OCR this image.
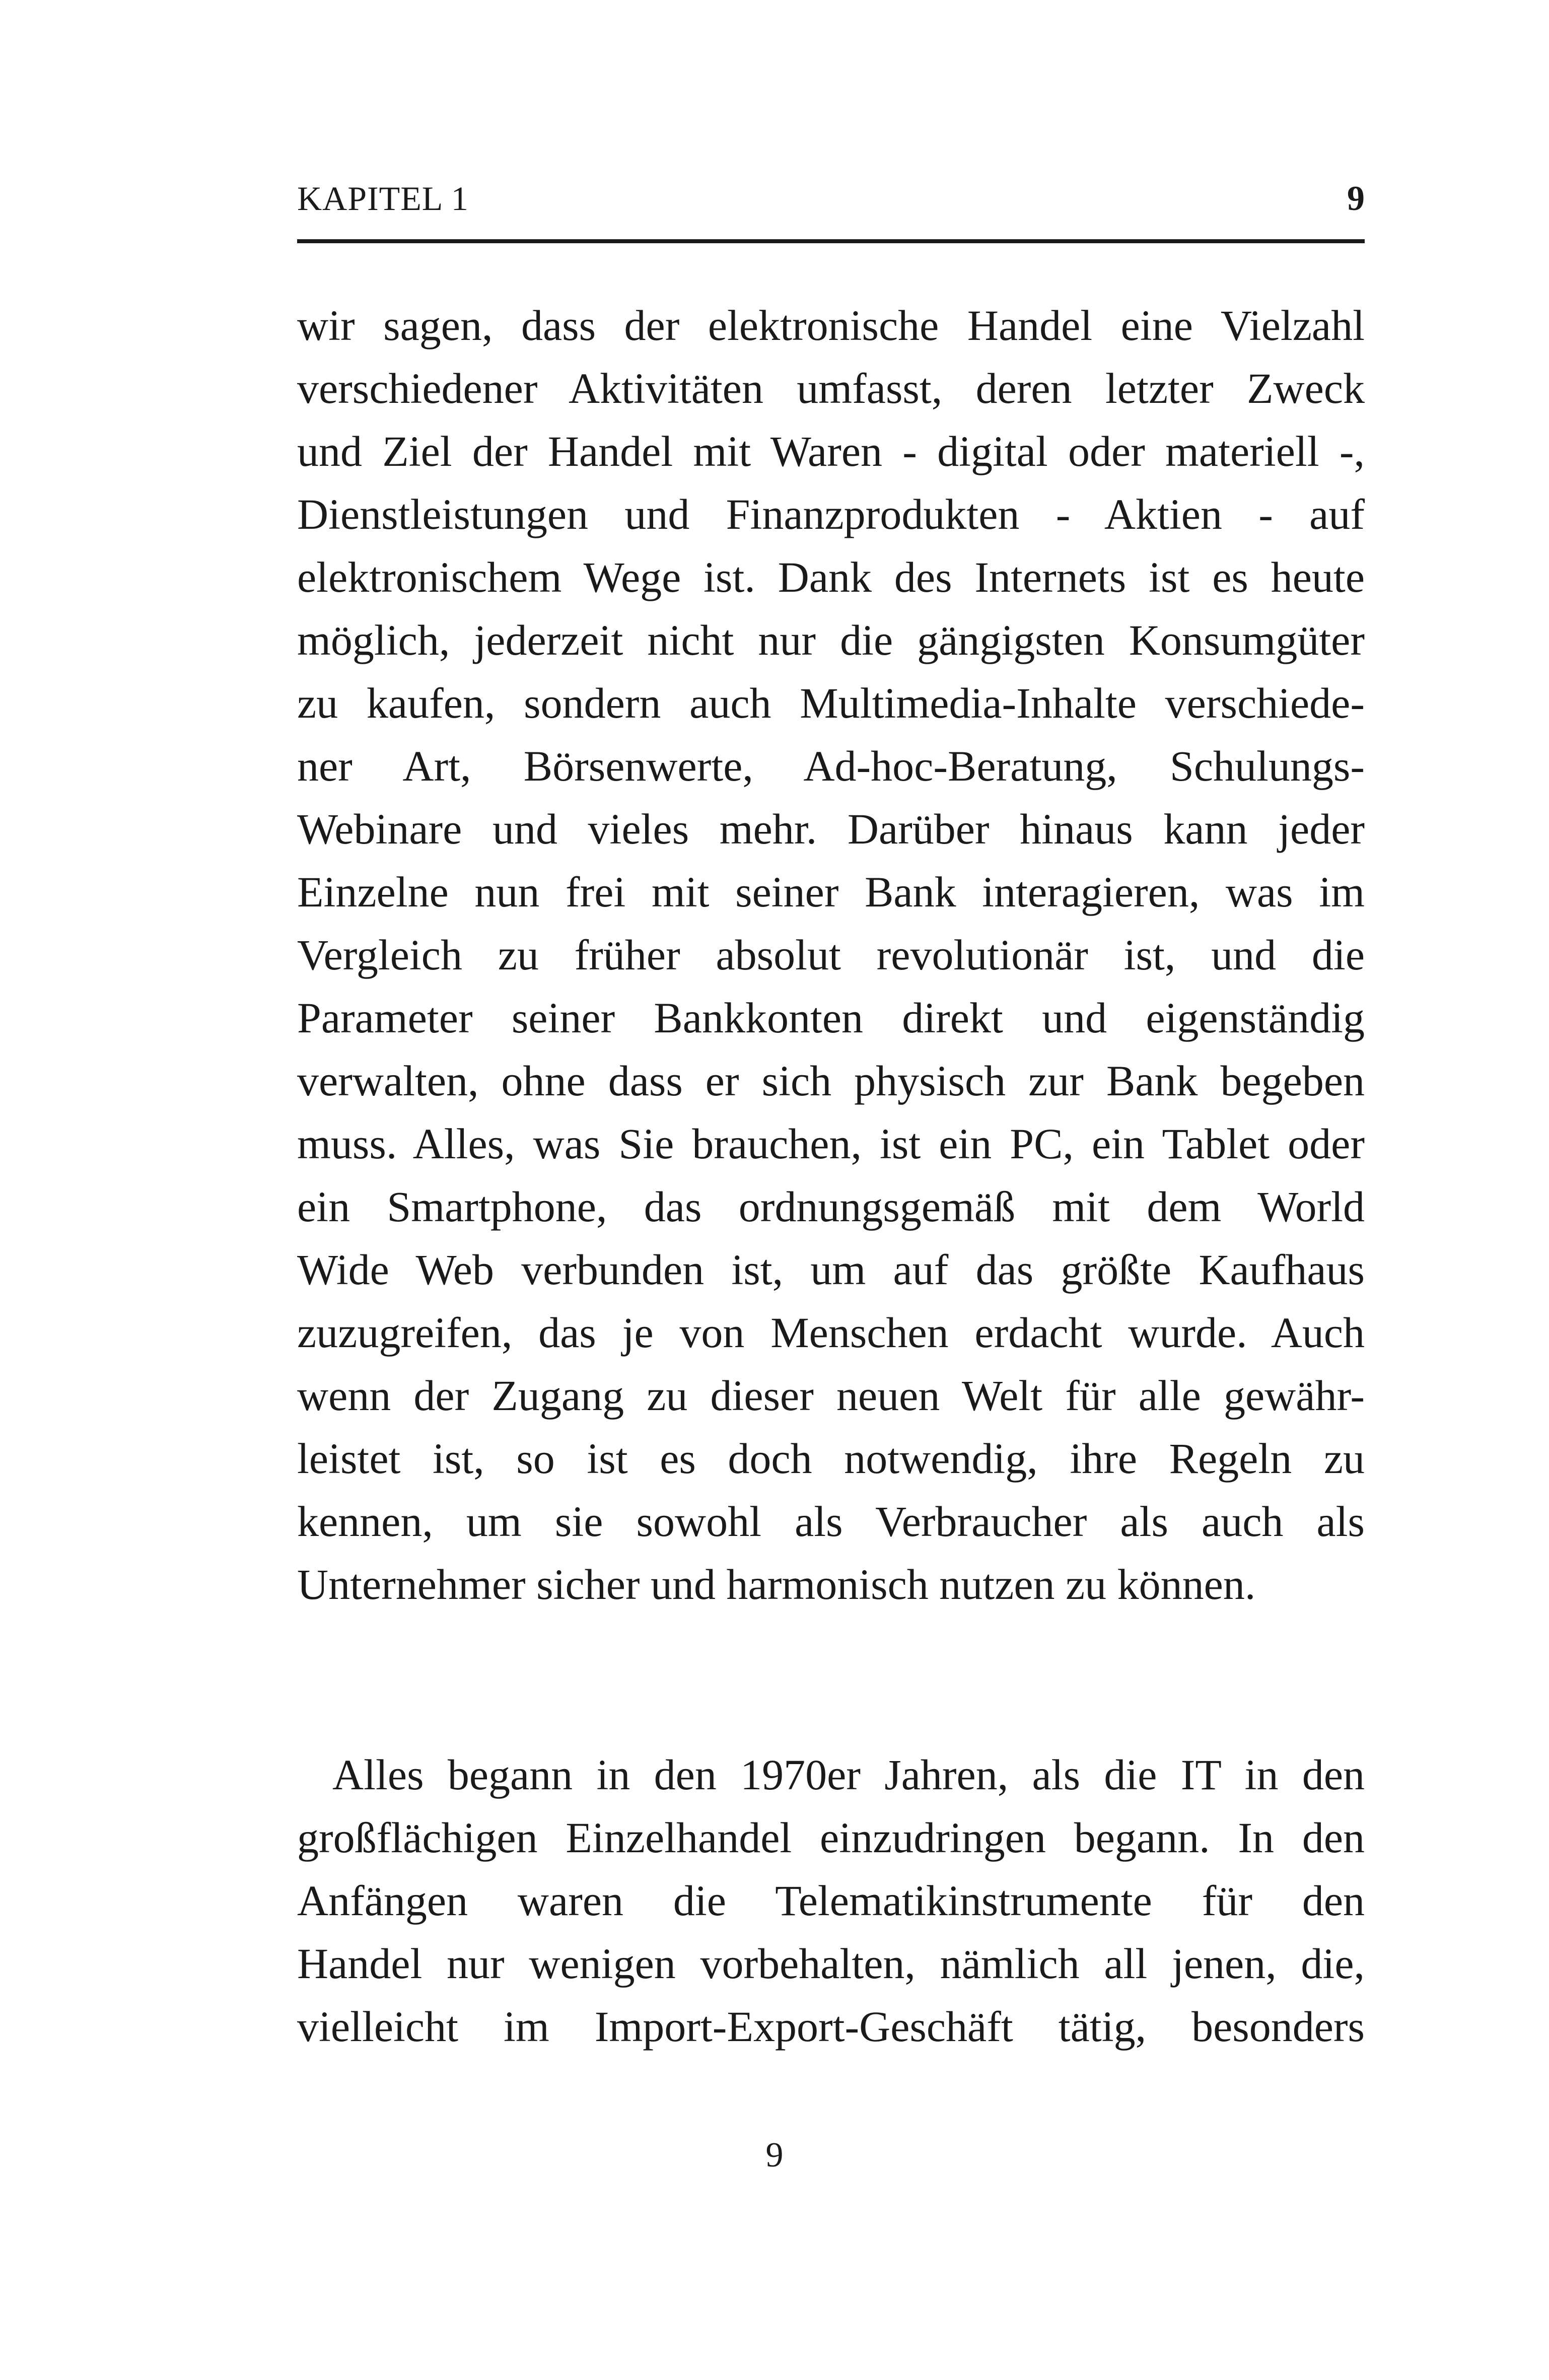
KAPITEL 1	9
wir sagen, dass der elektronische Handel eine Vielzahl
verschiedener Aktivitäten umfasst, deren letzter Zweck
und Ziel der Handel mit Waren - digital oder materiell -,
Dienstleistungen und Finanzprodukten - Aktien - auf
elektronischem Wege ist. Dank des Internets ist es heute
möglich, jederzeit nicht nur die gängigsten Konsumgüter
zu kaufen, sondern auch Multimedia-Inhalte verschiede-
ner Art, Börsenwerte, Ad-hoc-Beratung, Schulungs-
Webinare und vieles mehr. Darüber hinaus kann jeder
Einzelne nun frei mit seiner Bank interagieren, was im
Vergleich zu früher absolut revolutionär ist, und die
Parameter seiner Bankkonten direkt und eigenständig
verwalten, ohne dass er sich physisch zur Bank begeben
muss. Alles, was Sie brauchen, ist ein PC, ein Tablet oder
ein Smartphone, das ordnungsgemäß mit dem World
Wide Web verbunden ist, um auf das größte Kaufhaus
zuzugreifen, das je von Menschen erdacht wurde. Auch
wenn der Zugang zu dieser neuen Welt für alle gewähr-
leistet ist, so ist es doch notwendig, ihre Regeln zu
kennen, um sie sowohl als Verbraucher als auch als
Unternehmer sicher und harmonisch nutzen zu können.
Alles begann in den 1970er Jahren, als die IT in den
großflächigen Einzelhandel einzudringen begann. In den
Anfängen waren die Telematikinstrumente für den
Handel nur wenigen vorbehalten, nämlich all jenen, die,
vielleicht im Import-Export-Geschäft tätig, besonders
9
